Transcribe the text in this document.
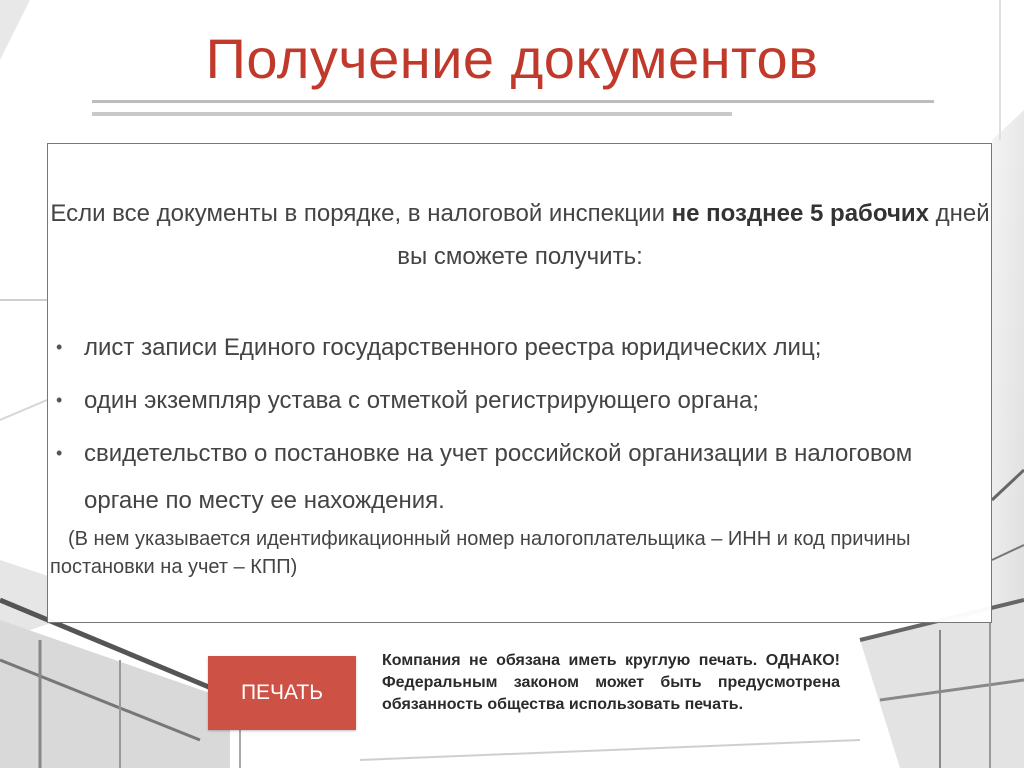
Получение документов
Если все документы в порядке, в налоговой инспекции не позднее 5 рабочих дней вы сможете получить:
• лист записи Единого государственного реестра юридических лиц;
• один экземпляр устава с отметкой регистрирующего органа;
• свидетельство о постановке на учет российской организации в налоговом органе по месту ее нахождения.
(В нем указывается идентификационный номер налогоплательщика – ИНН и код причины постановки на учет – КПП)
ПЕЧАТЬ
Компания не обязана иметь круглую печать. ОДНАКО! Федеральным законом может быть предусмотрена обязанность общества использовать печать.
